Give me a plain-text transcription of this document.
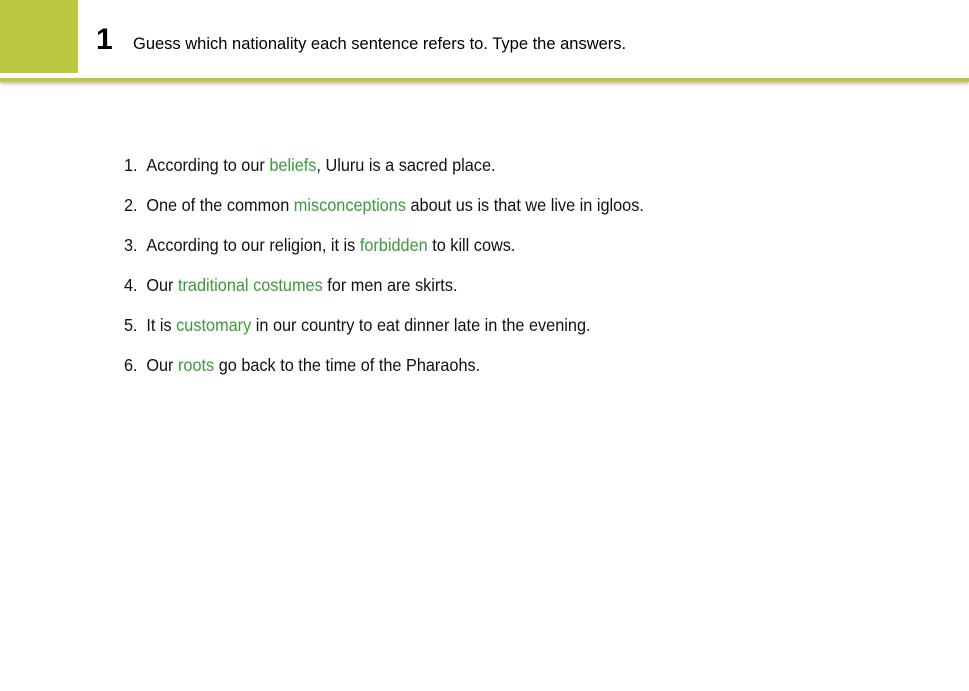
1 Guess which nationality each sentence refers to. Type the answers.
1. According to our beliefs, Uluru is a sacred place.
2. One of the common misconceptions about us is that we live in igloos.
3. According to our religion, it is forbidden to kill cows.
4. Our traditional costumes for men are skirts.
5. It is customary in our country to eat dinner late in the evening.
6. Our roots go back to the time of the Pharaohs.
